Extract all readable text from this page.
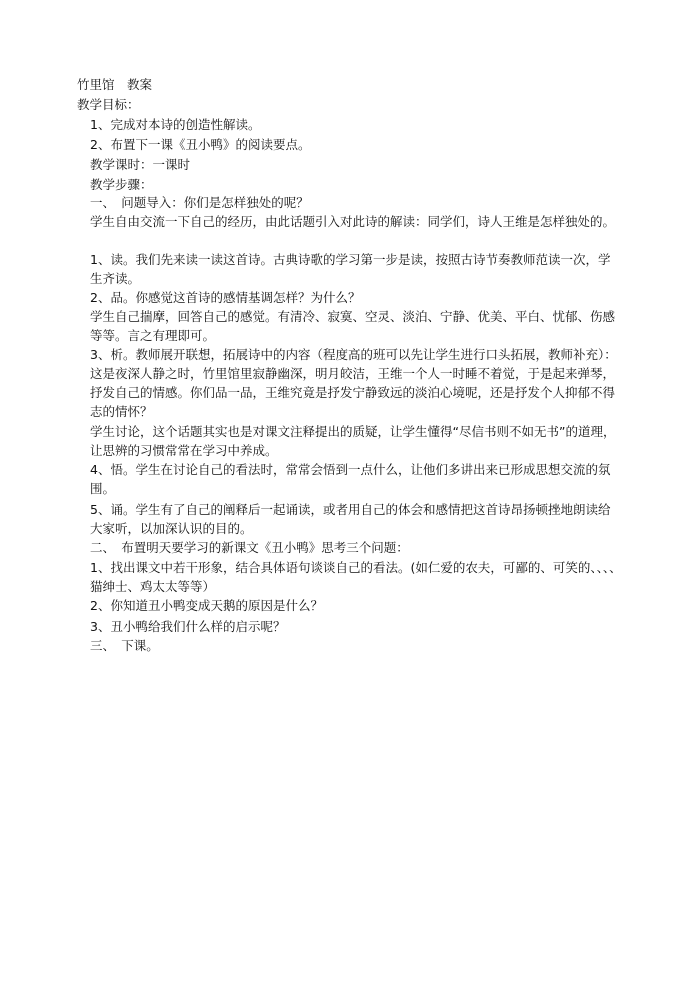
竹里馆　教案
教学目标：
1、完成对本诗的创造性解读。
2、布置下一课《丑小鸭》的阅读要点。
教学课时：一课时
教学步骤：
一、　问题导入：你们是怎样独处的呢？
学生自由交流一下自己的经历，由此话题引入对此诗的解读：同学们，诗人王维是怎样独处的。
1、读。我们先来读一读这首诗。古典诗歌的学习第一步是读，按照古诗节奏教师范读一次，学
生齐读。
2、品。你感觉这首诗的感情基调怎样？为什么？
学生自己揣摩，回答自己的感觉。有清冷、寂寞、空灵、淡泊、宁静、优美、平白、忧郁、伤感
等等。言之有理即可。
3、析。教师展开联想，拓展诗中的内容（程度高的班可以先让学生进行口头拓展，教师补充）：
这是夜深人静之时，竹里馆里寂静幽深，明月皎洁，王维一个人一时睡不着觉，于是起来弹琴，
抒发自己的情感。你们品一品，王维究竟是抒发宁静致远的淡泊心境呢，还是抒发个人抑郁不得
志的情怀？
学生讨论，这个话题其实也是对课文注释提出的质疑，让学生懂得“尽信书则不如无书”的道理，
让思辨的习惯常常在学习中养成。
4、悟。学生在讨论自己的看法时，常常会悟到一点什么，让他们多讲出来已形成思想交流的氛
围。
5、诵。学生有了自己的阐释后一起诵读，或者用自己的体会和感情把这首诗昂扬顿挫地朗读给
大家听，以加深认识的目的。
二、　布置明天要学习的新课文《丑小鸭》思考三个问题：
1、找出课文中若干形象，结合具体语句谈谈自己的看法。(如仁爱的农夫，可鄙的、可笑的、、、、
猫绅士、鸡太太等等）
2、你知道丑小鸭变成天鹅的原因是什么？
3、丑小鸭给我们什么样的启示呢？
三、　下课。
